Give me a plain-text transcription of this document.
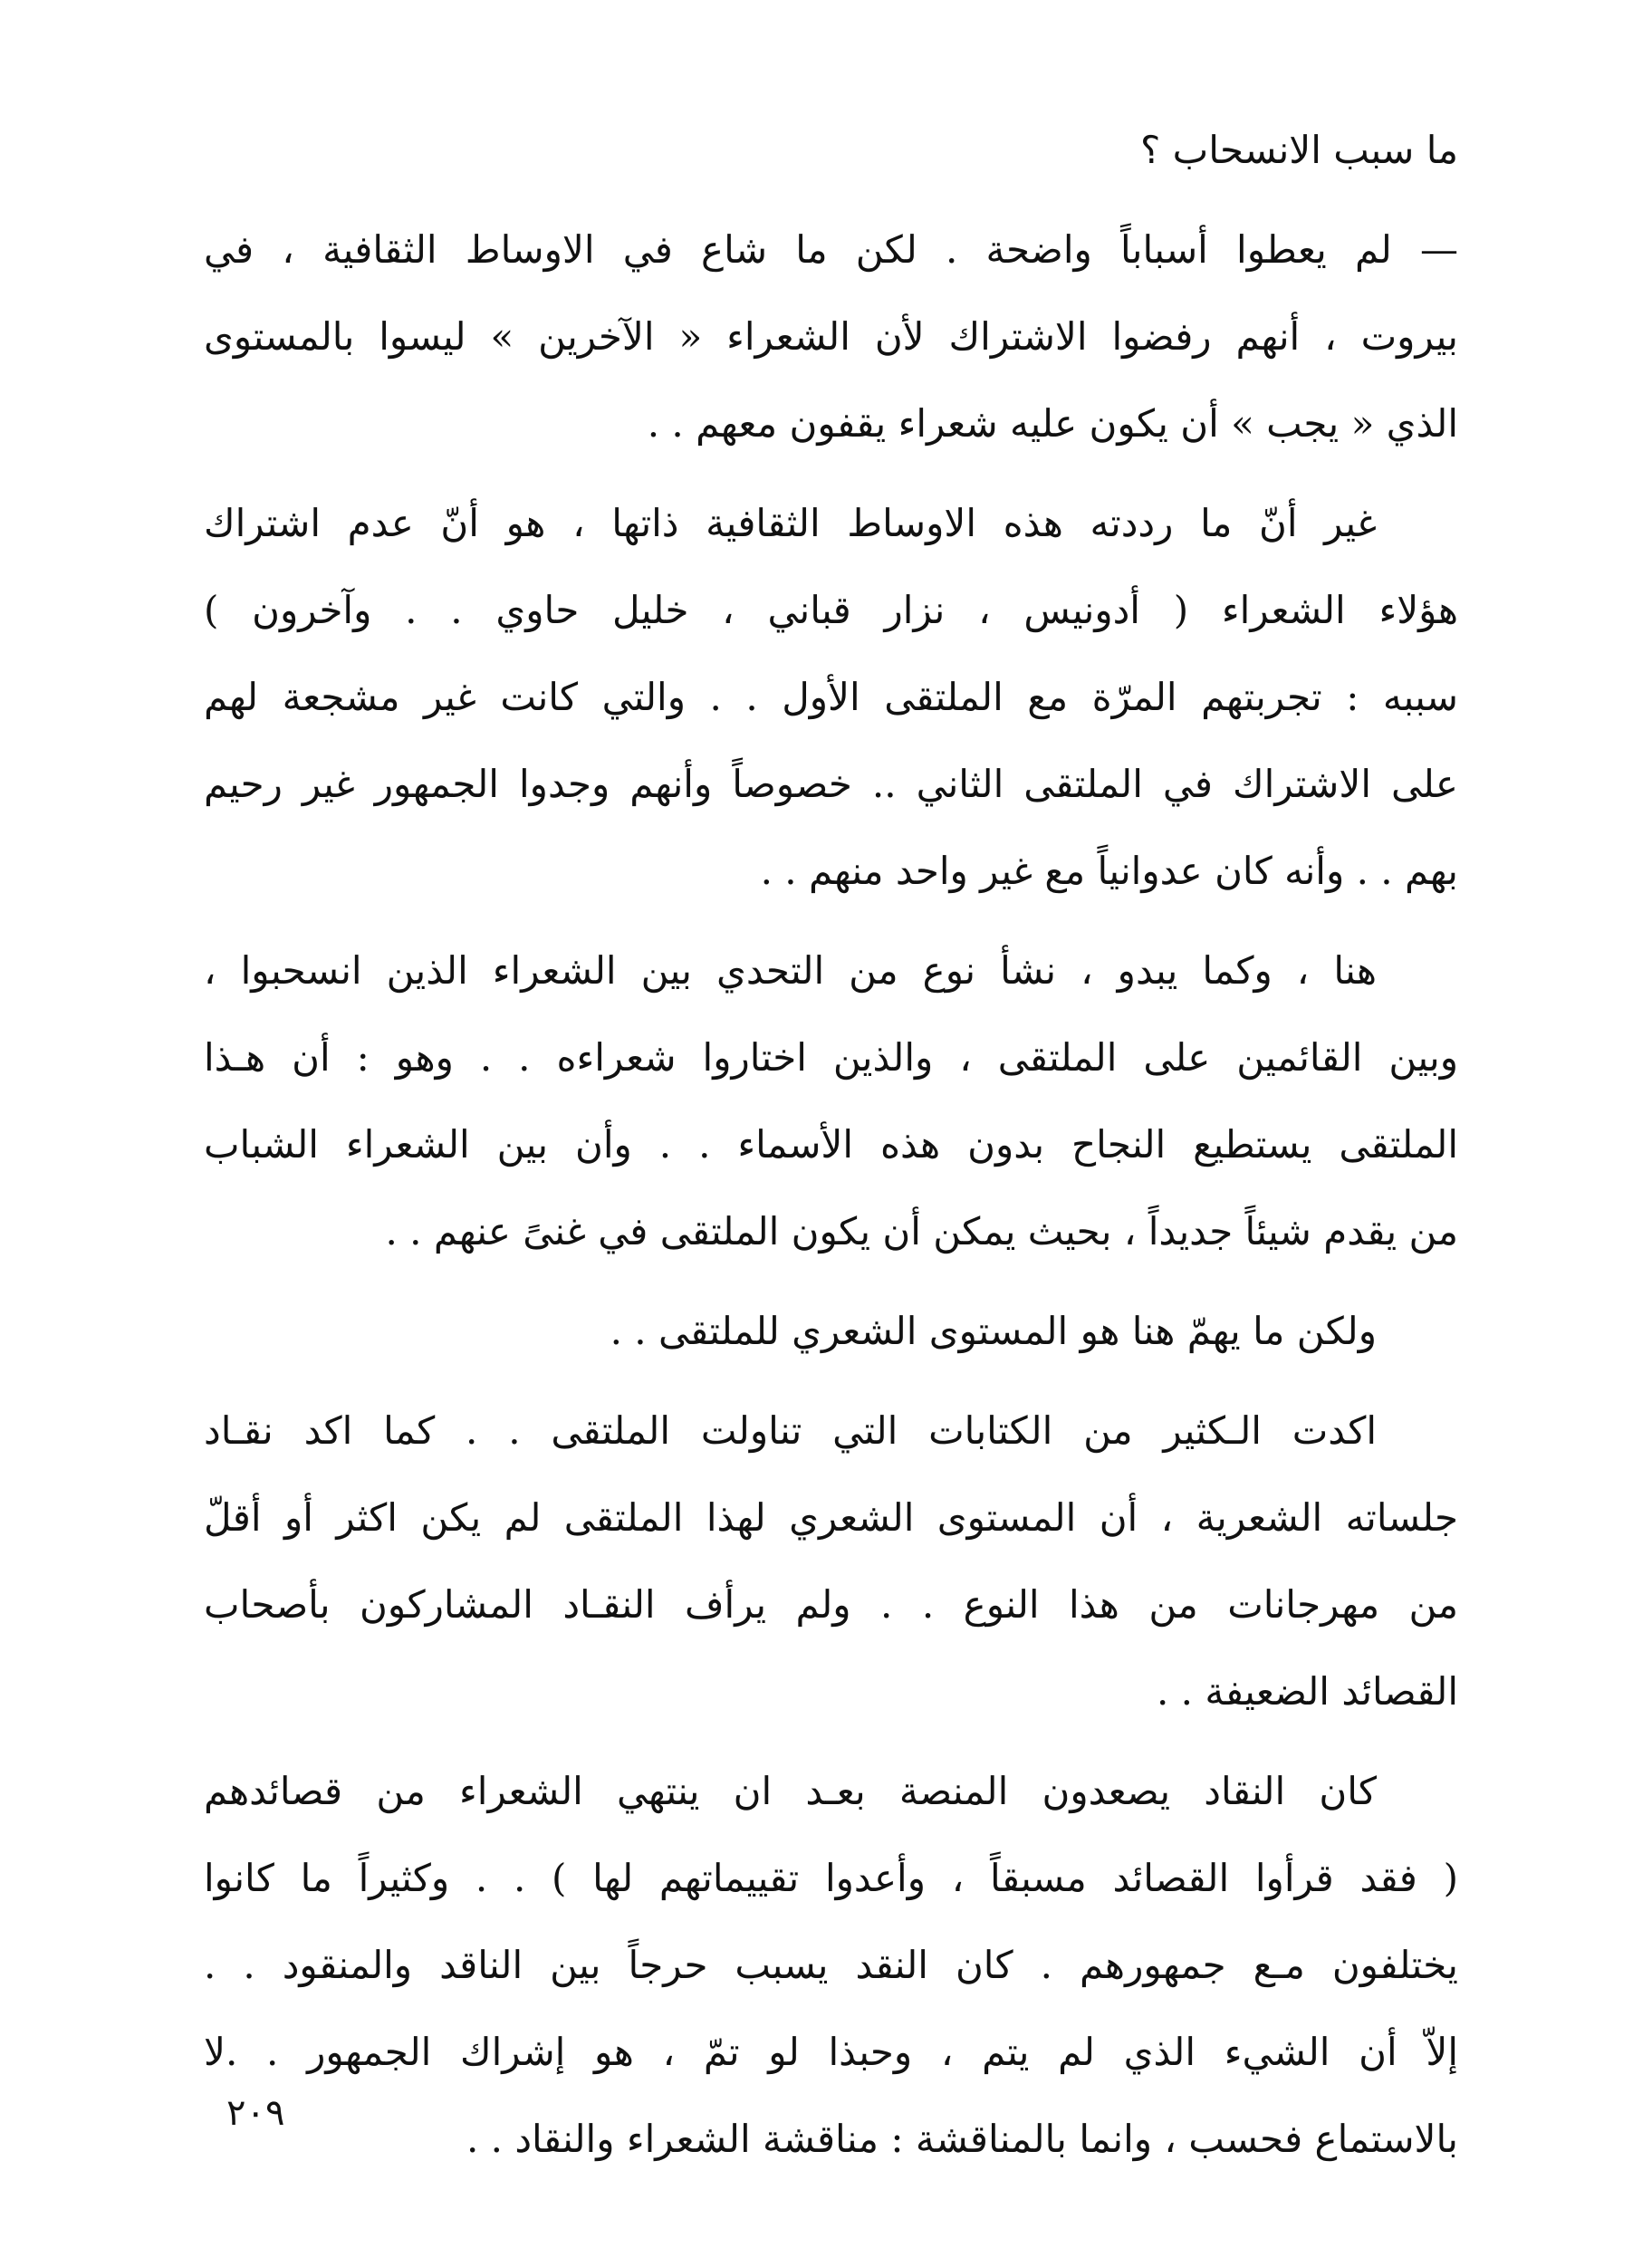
ما سبب الانسحاب ؟
— لم يعطوا أسباباً واضحة . لكن ما شاع في الاوساط الثقافية ، في
بيروت ، أنهم رفضوا الاشتراك لأن الشعراء « الآخرين » ليسوا بالمستوى
الذي « يجب » أن يكون عليه شعراء يقفون معهم . .
غير أنّ ما رددته هذه الاوساط الثقافية ذاتها ، هو أنّ عدم اشتراك
هؤلاء الشعراء ( أدونيس ، نزار قباني ، خليل حاوي . . وآخرون )
سببه : تجربتهم المرّة مع الملتقى الأول . . والتي كانت غير مشجعة لهم
على الاشتراك في الملتقى الثاني .. خصوصاً وأنهم وجدوا الجمهور غير رحيم
بهم . . وأنه كان عدوانياً مع غير واحد منهم . .
هنا ، وكما يبدو ، نشأ نوع من التحدي بين الشعراء الذين انسحبوا ،
وبين القائمين على الملتقى ، والذين اختاروا شعراءه . . وهو : أن هـذا
الملتقى يستطيع النجاح بدون هذه الأسماء . . وأن بين الشعراء الشباب
من يقدم شيئاً جديداً ، بحيث يمكن أن يكون الملتقى في غنىً عنهم . .
ولكن ما يهمّ هنا هو المستوى الشعري للملتقى . .
اكدت الـكثير من الكتابات التي تناولت الملتقى . . كما اكد نقـاد
جلساته الشعرية ، أن المستوى الشعري لهذا الملتقى لم يكن اكثر أو أقلّ
من مهرجانات من هذا النوع . . ولم يرأف النقـاد المشاركون بأصحاب
القصائد الضعيفة . .
كان النقاد يصعدون المنصة بعـد ان ينتهي الشعراء من قصائدهم
( فقد قرأوا القصائد مسبقاً ، وأعدوا تقييماتهم لها ) . . وكثيراً ما كانوا
يختلفون مـع جمهورهم . كان النقد يسبب حرجاً بين الناقد والمنقود . .
إلاّ أن الشيء الذي لم يتم ، وحبذا لو تمّ ، هو إشراك الجمهور . .لا
بالاستماع فحسب ، وانما بالمناقشة : مناقشة الشعراء والنقاد . .
٢٠٩
